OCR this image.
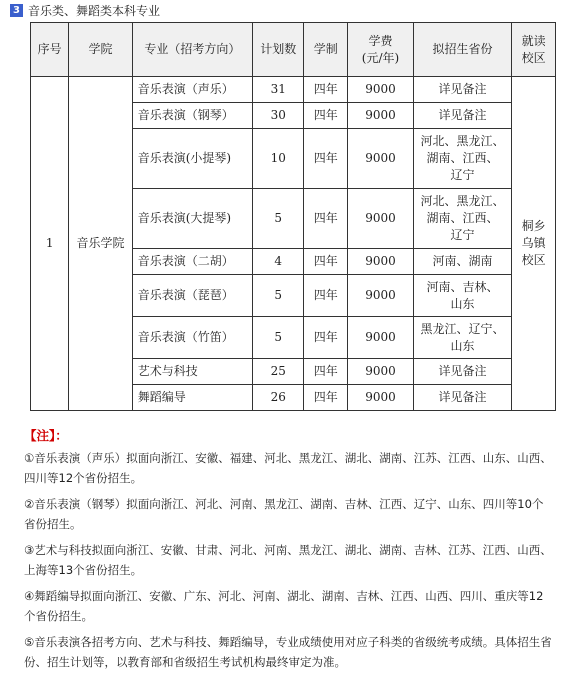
3 音乐类、舞蹈类本科专业
序号	学院	专业（招考方向）	计划数	学制	学费
(元/年)	拟招生省份	就读
校区
1	音乐学院	音乐表演（声乐）	31	四年	9000	详见备注	桐乡
乌镇
校区
		音乐表演（钢琴）	30	四年	9000	详见备注	
		音乐表演(小提琴)	10	四年	9000	河北、黑龙江、
湖南、江西、
辽宁	
		音乐表演(大提琴)	5	四年	9000	河北、黑龙江、
湖南、江西、
辽宁	
		音乐表演（二胡）	4	四年	9000	河南、湖南	
		音乐表演（琵琶）	5	四年	9000	河南、吉林、
山东	
		音乐表演（竹笛）	5	四年	9000	黑龙江、辽宁、
山东	
		艺术与科技	25	四年	9000	详见备注	
		舞蹈编导	26	四年	9000	详见备注	
【注】：
①音乐表演（声乐）拟面向浙江、安徽、福建、河北、黑龙江、湖北、湖南、江苏、江西、山东、山西、四川等12个省份招生。
②音乐表演（钢琴）拟面向浙江、河北、河南、黑龙江、湖南、吉林、江西、辽宁、山东、四川等10个省份招生。
③艺术与科技拟面向浙江、安徽、甘肃、河北、河南、黑龙江、湖北、湖南、吉林、江苏、江西、山西、上海等13个省份招生。
④舞蹈编导拟面向浙江、安徽、广东、河北、河南、湖北、湖南、吉林、江西、山西、四川、重庆等12个省份招生。
⑤音乐表演各招考方向、艺术与科技、舞蹈编导，专业成绩使用对应子科类的省级统考成绩。具体招生省份、招生计划等，以教育部和省级招生考试机构最终审定为准。
